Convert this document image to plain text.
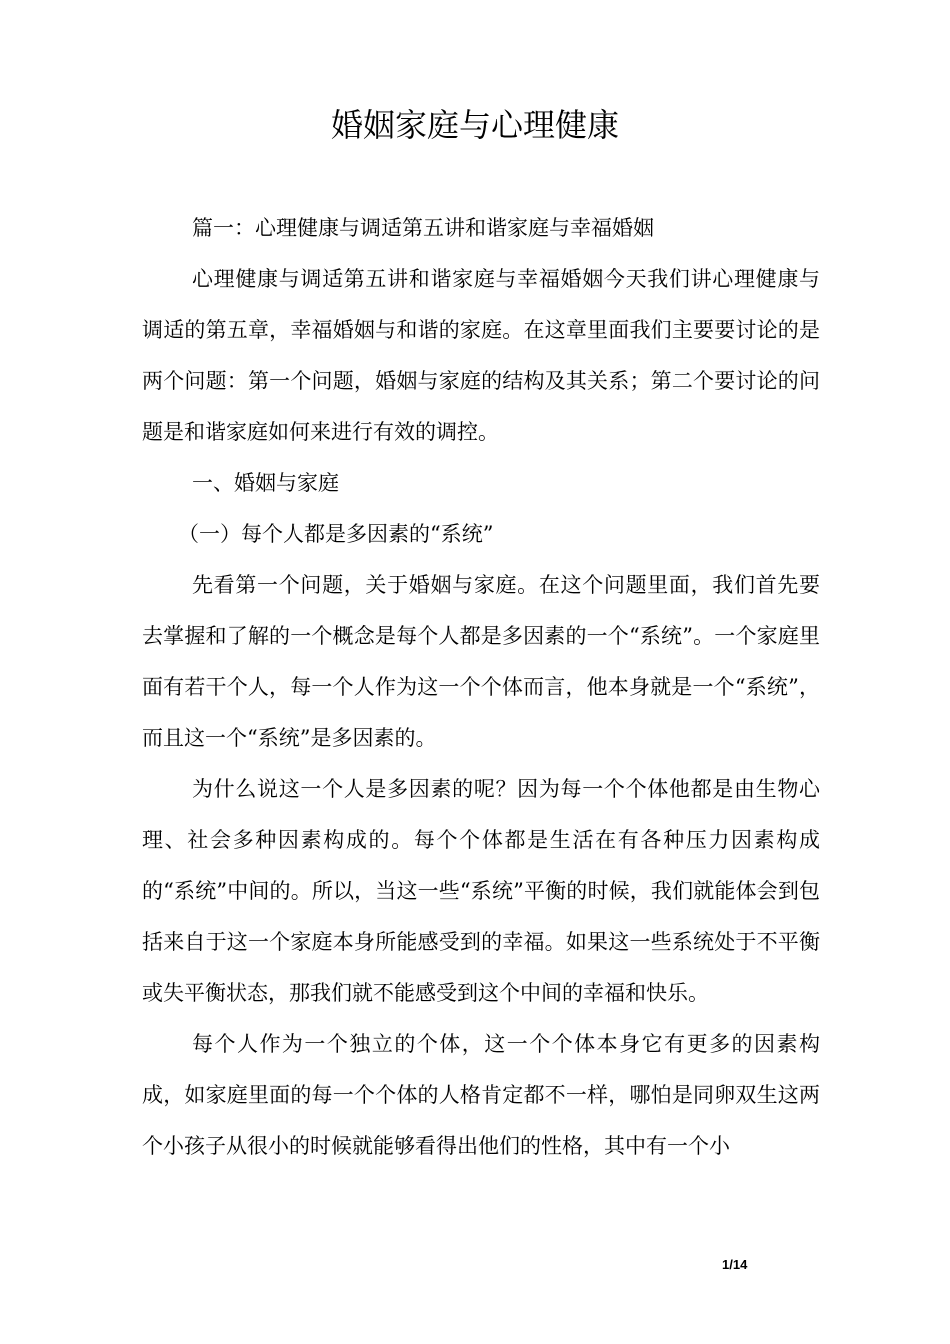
婚姻家庭与心理健康

篇一：心理健康与调适第五讲和谐家庭与幸福婚姻

心理健康与调适第五讲和谐家庭与幸福婚姻今天我们讲心理健康与调适的第五章，幸福婚姻与和谐的家庭。在这章里面我们主要要讨论的是两个问题：第一个问题，婚姻与家庭的结构及其关系；第二个要讨论的问题是和谐家庭如何来进行有效的调控。

一、婚姻与家庭

（一）每个人都是多因素的“系统”

先看第一个问题，关于婚姻与家庭。在这个问题里面，我们首先要去掌握和了解的一个概念是每个人都是多因素的一个“系统”。一个家庭里面有若干个人，每一个人作为这一个个体而言，他本身就是一个“系统”，而且这一个“系统”是多因素的。

为什么说这一个人是多因素的呢？因为每一个个体他都是由生物心理、社会多种因素构成的。每个个体都是生活在有各种压力因素构成的“系统”中间的。所以，当这一些“系统”平衡的时候，我们就能体会到包括来自于这一个家庭本身所能感受到的幸福。如果这一些系统处于不平衡或失平衡状态，那我们就不能感受到这个中间的幸福和快乐。

每个人作为一个独立的个体，这一个个体本身它有更多的因素构成，如家庭里面的每一个个体的人格肯定都不一样，哪怕是同卵双生这两个小孩子从很小的时候就能够看得出他们的性格，其中有一个小

1/14
